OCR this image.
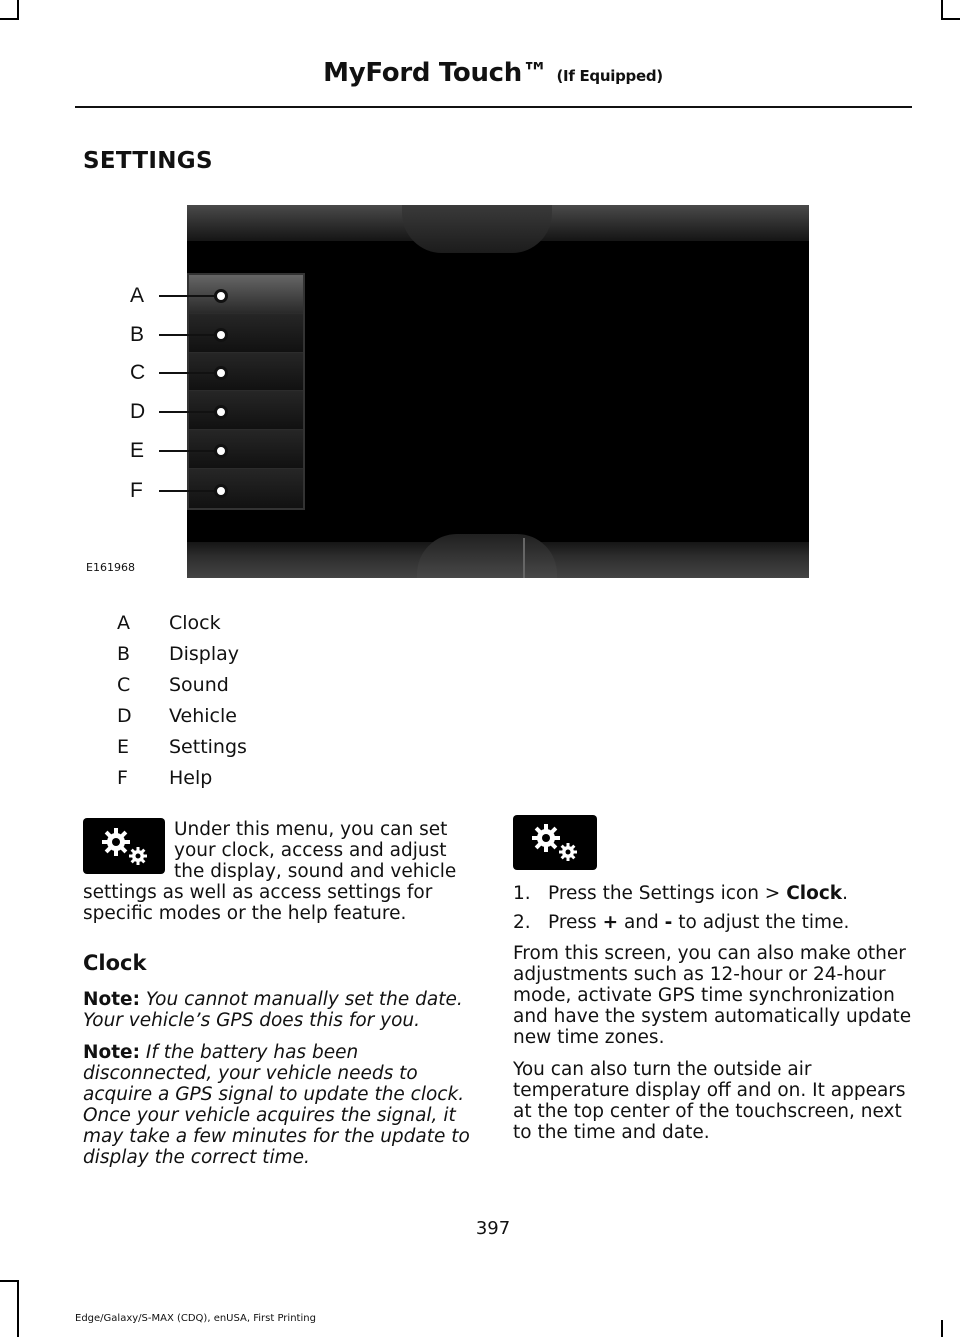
MyFord Touch™ (If Equipped)
SETTINGS
A
B
C
D
E
F
E161968
A	Clock
B	Display
C	Sound
D Vehicle
E	Settings
F	Help
Under this menu, you can set your clock, access and adjust the display, sound and vehicle
settings as well as access settings for specific modes or the help feature.
Clock
Note: You cannot manually set the date. Your vehicle’s GPS does this for you.
Note: If the battery has been disconnected, your vehicle needs to acquire a GPS signal to update the clock. Once your vehicle acquires the signal, it may take a few minutes for the update to display the correct time.
1. Press the Settings icon > Clock.
2. Press + and - to adjust the time.
From this screen, you can also make other adjustments such as 12-hour or 24-hour mode, activate GPS time synchronization and have the system automatically update new time zones.
You can also turn the outside air temperature display off and on. It appears at the top center of the touchscreen, next to the time and date.
397
Edge/Galaxy/S-MAX (CDQ), enUSA, First Printing
